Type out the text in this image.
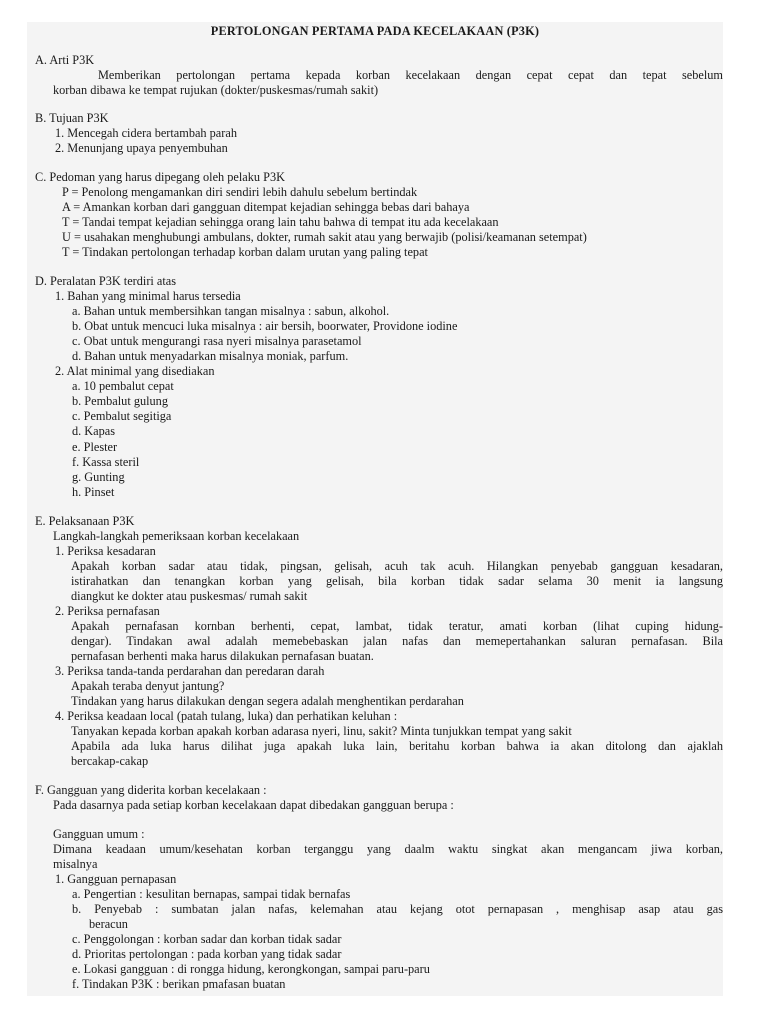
PERTOLONGAN PERTAMA PADA KECELAKAAN (P3K)
A. Arti P3K
Memberikan pertolongan pertama kepada korban kecelakaan dengan cepat cepat dan tepat sebelum
korban dibawa ke tempat rujukan (dokter/puskesmas/rumah sakit)
B. Tujuan P3K
1. Mencegah cidera bertambah parah
2. Menunjang upaya penyembuhan
C. Pedoman yang harus dipegang oleh pelaku P3K
P = Penolong mengamankan diri sendiri lebih dahulu sebelum bertindak
A = Amankan korban dari gangguan ditempat kejadian sehingga bebas dari bahaya
T = Tandai tempat kejadian sehingga orang lain tahu bahwa di tempat itu ada kecelakaan
U = usahakan menghubungi ambulans, dokter, rumah sakit atau yang berwajib (polisi/keamanan setempat)
T = Tindakan pertolongan terhadap korban dalam urutan yang paling tepat
D. Peralatan P3K terdiri atas
1. Bahan yang minimal harus tersedia
a. Bahan untuk membersihkan tangan misalnya : sabun, alkohol.
b. Obat untuk mencuci luka misalnya : air bersih, boorwater, Providone iodine
c. Obat untuk mengurangi rasa nyeri misalnya parasetamol
d. Bahan untuk menyadarkan misalnya moniak, parfum.
2. Alat minimal yang disediakan
a. 10 pembalut cepat
b. Pembalut gulung
c. Pembalut segitiga
d. Kapas
e. Plester
f. Kassa steril
g. Gunting
h. Pinset
E. Pelaksanaan P3K
Langkah-langkah pemeriksaan korban kecelakaan
1. Periksa kesadaran
Apakah korban sadar atau tidak, pingsan, gelisah, acuh tak acuh. Hilangkan penyebab gangguan kesadaran,
istirahatkan dan tenangkan korban yang gelisah, bila korban tidak sadar selama 30 menit ia langsung
diangkut ke dokter atau puskesmas/ rumah sakit
2. Periksa pernafasan
Apakah pernafasan kornban berhenti, cepat, lambat, tidak teratur, amati korban (lihat cuping hidung-
dengar). Tindakan awal adalah memebebaskan jalan nafas dan memepertahankan saluran pernafasan. Bila
pernafasan berhenti maka harus dilakukan pernafasan buatan.
3. Periksa tanda-tanda perdarahan dan peredaran darah
Apakah teraba denyut jantung?
Tindakan yang harus dilakukan dengan segera adalah menghentikan perdarahan
4. Periksa keadaan local (patah tulang, luka) dan perhatikan keluhan :
Tanyakan kepada korban apakah korban adarasa nyeri, linu, sakit? Minta tunjukkan tempat yang sakit
Apabila ada luka harus dilihat juga apakah luka lain, beritahu korban bahwa ia akan ditolong dan ajaklah
bercakap-cakap
F. Gangguan yang diderita korban kecelakaan :
Pada dasarnya pada setiap korban kecelakaan dapat dibedakan gangguan berupa :
Gangguan umum :
Dimana keadaan umum/kesehatan korban terganggu yang daalm waktu singkat akan mengancam jiwa korban,
misalnya
1. Gangguan pernapasan
a. Pengertian : kesulitan bernapas, sampai tidak bernafas
b. Penyebab : sumbatan jalan nafas, kelemahan atau kejang otot pernapasan , menghisap asap atau gas
beracun
c. Penggolongan : korban sadar dan korban tidak sadar
d. Prioritas pertolongan : pada korban yang tidak sadar
e. Lokasi gangguan : di rongga hidung, kerongkongan, sampai paru-paru
f. Tindakan P3K : berikan pmafasan buatan
